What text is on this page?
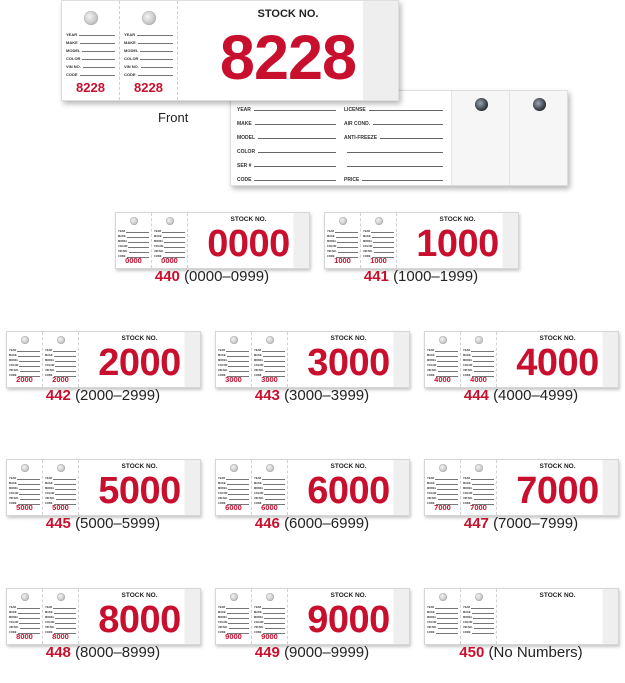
YEAR
MAKE
MODEL
COLOR
VIN NO.
CODE
8228
YEAR
MAKE
MODEL
COLOR
VIN NO.
CODE
8228
STOCK NO.
8228
Front	YEAR
MAKE
MODEL
COLOR
SER #
CODE
LICENSE
AIR COND.
ANTI-FREEZE
PRICE
YEAR
MAKE
MODEL
COLOR
VIN NO.
CODE 0000
YEAR
MAKE
MODEL
COLOR
VIN NO.
CODE 0000
STOCK NO.
0000
440 (0000–0999)
YEAR
MAKE
MODEL
COLOR
VIN NO.
CODE 1000
YEAR
MAKE
MODEL
COLOR
VIN NO.
CODE 1000
STOCK NO.
1000
441 (1000–1999)
YEAR
MAKE
MODEL
COLOR
VIN NO.
CODE 2000
YEAR
MAKE
MODEL
COLOR
VIN NO.
CODE 2000
STOCK NO.
2000
442 (2000–2999)
YEAR
MAKE
MODEL
COLOR
VIN NO.
CODE 3000
YEAR
MAKE
MODEL
COLOR
VIN NO.
CODE 3000
STOCK NO.
3000
443 (3000–3999)
YEAR
MAKE
MODEL
COLOR
VIN NO.
CODE 4000
YEAR
MAKE
MODEL
COLOR
VIN NO.
CODE 4000
STOCK NO.
4000
444 (4000–4999)
YEAR
MAKE
MODEL
COLOR
VIN NO.
CODE 5000
YEAR
MAKE
MODEL
COLOR
VIN NO.
CODE 5000
STOCK NO.
5000
445 (5000–5999)
YEAR
MAKE
MODEL
COLOR
VIN NO.
CODE 6000
YEAR
MAKE
MODEL
COLOR
VIN NO.
CODE 6000
STOCK NO.
6000
446 (6000–6999)
YEAR
MAKE
MODEL
COLOR
VIN NO.
CODE 7000
YEAR
MAKE
MODEL
COLOR
VIN NO.
CODE 7000
STOCK NO.
7000
447 (7000–7999)
YEAR
MAKE
MODEL
COLOR
VIN NO.
CODE 8000
YEAR
MAKE
MODEL
COLOR
VIN NO.
CODE 8000
STOCK NO.
8000
448 (8000–8999)
YEAR
MAKE
MODEL
COLOR
VIN NO.
CODE 9000
YEAR
MAKE
MODEL
COLOR
VIN NO.
CODE 9000
STOCK NO.
9000
449 (9000–9999)
YEAR
MAKE
MODEL
COLOR
VIN NO.
CODE
YEAR
MAKE
MODEL
COLOR
VIN NO.
CODE
STOCK NO.
450 (No Numbers)
